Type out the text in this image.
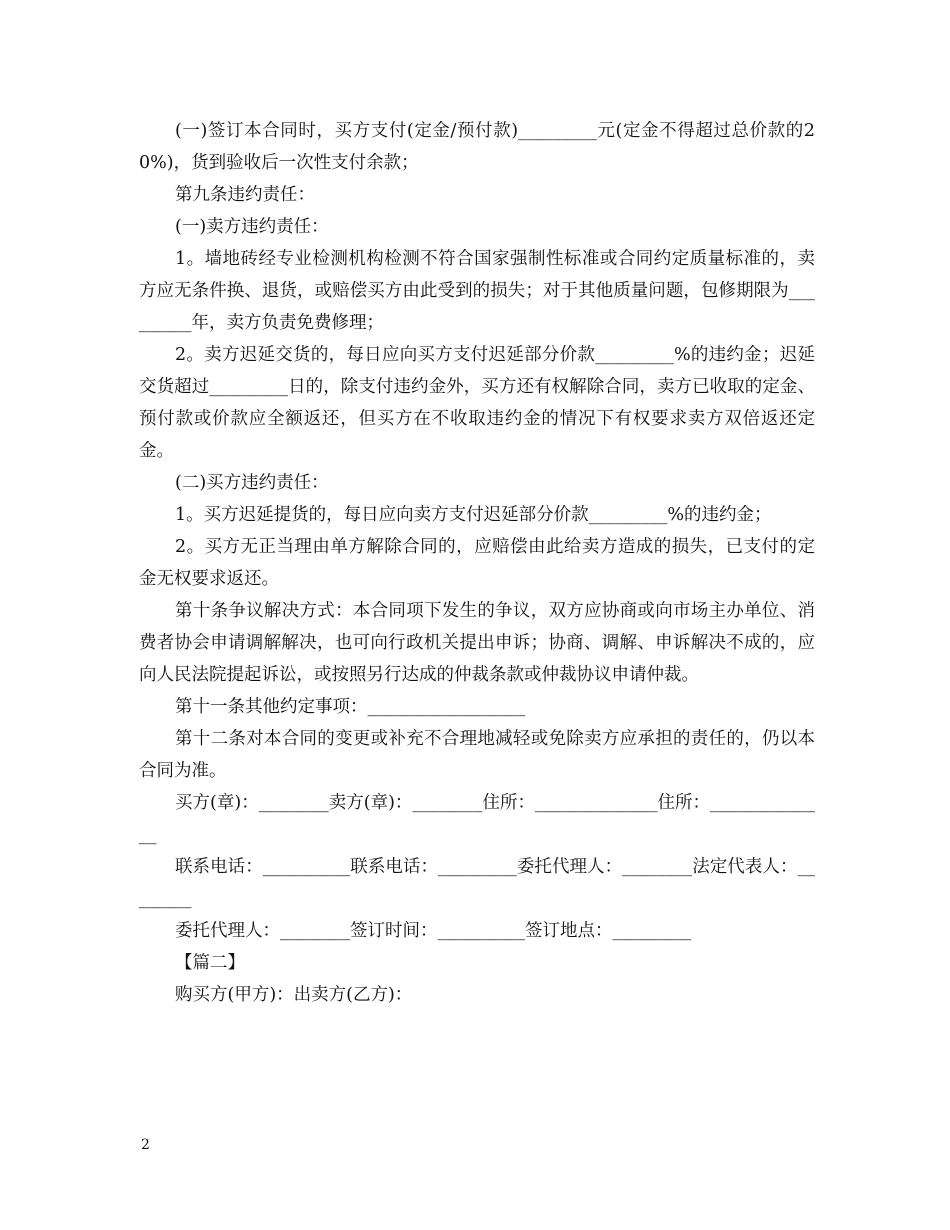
(一)签订本合同时，买方支付(定金/预付款)_________元(定金不得超过总价款的20%)，货到验收后一次性支付余款；

第九条违约责任：

(一)卖方违约责任：

1。墙地砖经专业检测机构检测不符合国家强制性标准或合同约定质量标准的，卖方应无条件换、退货，或赔偿买方由此受到的损失；对于其他质量问题，包修期限为_________年，卖方负责免费修理；

2。卖方迟延交货的，每日应向买方支付迟延部分价款_________%的违约金；迟延交货超过_________日的，除支付违约金外，买方还有权解除合同，卖方已收取的定金、预付款或价款应全额返还，但买方在不收取违约金的情况下有权要求卖方双倍返还定金。

(二)买方违约责任：

1。买方迟延提货的，每日应向卖方支付迟延部分价款_________%的违约金；

2。买方无正当理由单方解除合同的，应赔偿由此给卖方造成的损失，已支付的定金无权要求返还。

第十条争议解决方式：本合同项下发生的争议，双方应协商或向市场主办单位、消费者协会申请调解解决，也可向行政机关提出申诉；协商、调解、申诉解决不成的，应向人民法院提起诉讼，或按照另行达成的仲裁条款或仲裁协议申请仲裁。

第十一条其他约定事项：__________________

第十二条对本合同的变更或补充不合理地减轻或免除卖方应承担的责任的，仍以本合同为准。

买方(章)：________卖方(章)：________住所：______________住所：______________

联系电话：__________联系电话：_________委托代理人：________法定代表人：________

委托代理人：________签订时间：__________签订地点：_________

【篇二】

购买方(甲方)：出卖方(乙方)：

2
